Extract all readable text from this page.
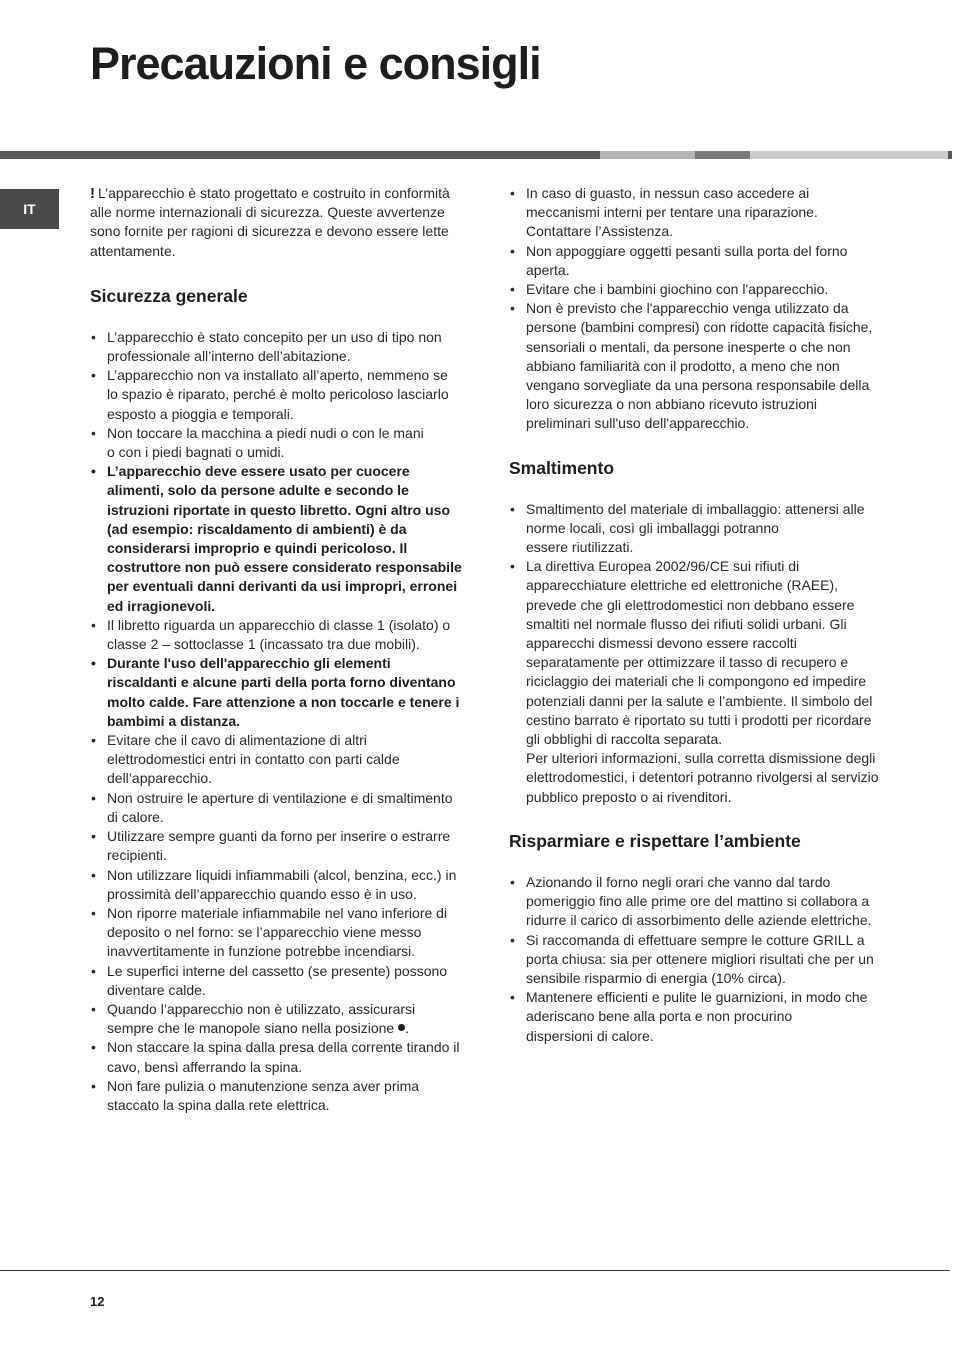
Precauzioni e consigli
IT

! L’apparecchio è stato progettato e costruito in conformità alle norme internazionali di sicurezza. Queste avvertenze sono fornite per ragioni di sicurezza e devono essere lette attentamente.

Sicurezza generale
• L’apparecchio è stato concepito per un uso di tipo non professionale all’interno dell’abitazione.
• L’apparecchio non va installato all’aperto, nemmeno se lo spazio è riparato, perché è molto pericoloso lasciarlo esposto a pioggia e temporali.
• Non toccare la macchina a piedi nudi o con le mani
o con i piedi bagnati o umidi.
• L’apparecchio deve essere usato per cuocere alimenti, solo da persone adulte e secondo le istruzioni riportate in questo libretto. Ogni altro uso (ad esempio: riscaldamento di ambienti) è da considerarsi improprio e quindi pericoloso. Il costruttore non può essere considerato responsabile per eventuali danni derivanti da usi impropri, erronei ed irragionevoli.
• Il libretto riguarda un apparecchio di classe 1 (isolato) o classe 2 – sottoclasse 1 (incassato tra due mobili).
• Durante l'uso dell'apparecchio gli elementi riscaldanti e alcune parti della porta forno diventano molto calde. Fare attenzione a non toccarle e tenere i bambimi a distanza.
• Evitare che il cavo di alimentazione di altri elettrodomestici entri in contatto con parti calde dell’apparecchio.
• Non ostruire le aperture di ventilazione e di smaltimento di calore.
• Utilizzare sempre guanti da forno per inserire o estrarre recipienti.
• Non utilizzare liquidi infiammabili (alcol, benzina, ecc.) in prossimità dell’apparecchio quando esso è in uso.
• Non riporre materiale infiammabile nel vano inferiore di deposito o nel forno: se l’apparecchio viene messo inavvertitamente in funzione potrebbe incendiarsi.
• Le superfici interne del cassetto (se presente) possono diventare calde.
• Quando l’apparecchio non è utilizzato, assicurarsi sempre che le manopole siano nella posizione .
• Non staccare la spina dalla presa della corrente tirando il cavo, bensì afferrando la spina.
• Non fare pulizia o manutenzione senza aver prima staccato la spina dalla rete elettrica.
• In caso di guasto, in nessun caso accedere ai meccanismi interni per tentare una riparazione. Contattare l’Assistenza.
• Non appoggiare oggetti pesanti sulla porta del forno aperta.
• Evitare che i bambini giochino con l'apparecchio.
• Non è previsto che l'apparecchio venga utilizzato da persone (bambini compresi) con ridotte capacità fisiche, sensoriali o mentali, da persone inesperte o che non abbiano familiarità con il prodotto, a meno che non vengano sorvegliate da una persona responsabile della loro sicurezza o non abbiano ricevuto istruzioni preliminari sull'uso dell'apparecchio.
Smaltimento
• Smaltimento del materiale di imballaggio: attenersi alle norme locali, così gli imballaggi potranno
essere riutilizzati.
• La direttiva Europea 2002/96/CE sui rifiuti di apparecchiature elettriche ed elettroniche (RAEE), prevede che gli elettrodomestici non debbano essere smaltiti nel normale flusso dei rifiuti solidi urbani. Gli apparecchi dismessi devono essere raccolti separatamente per ottimizzare il tasso di recupero e riciclaggio dei materiali che li compongono ed impedire potenziali danni per la salute e l’ambiente. Il simbolo del cestino barrato è riportato su tutti i prodotti per ricordare gli obblighi di raccolta separata.
Per ulteriori informazioni, sulla corretta dismissione degli elettrodomestici, i detentori potranno rivolgersi al servizio pubblico preposto o ai rivenditori.
Risparmiare e rispettare l’ambiente
• Azionando il forno negli orari che vanno dal tardo pomeriggio fino alle prime ore del mattino si collabora a ridurre il carico di assorbimento delle aziende elettriche.
• Si raccomanda di effettuare sempre le cotture GRILL a porta chiusa: sia per ottenere migliori risultati che per un sensibile risparmio di energia (10% circa).
• Mantenere efficienti e pulite le guarnizioni, in modo che aderiscano bene alla porta e non procurino
dispersioni di calore.
12
